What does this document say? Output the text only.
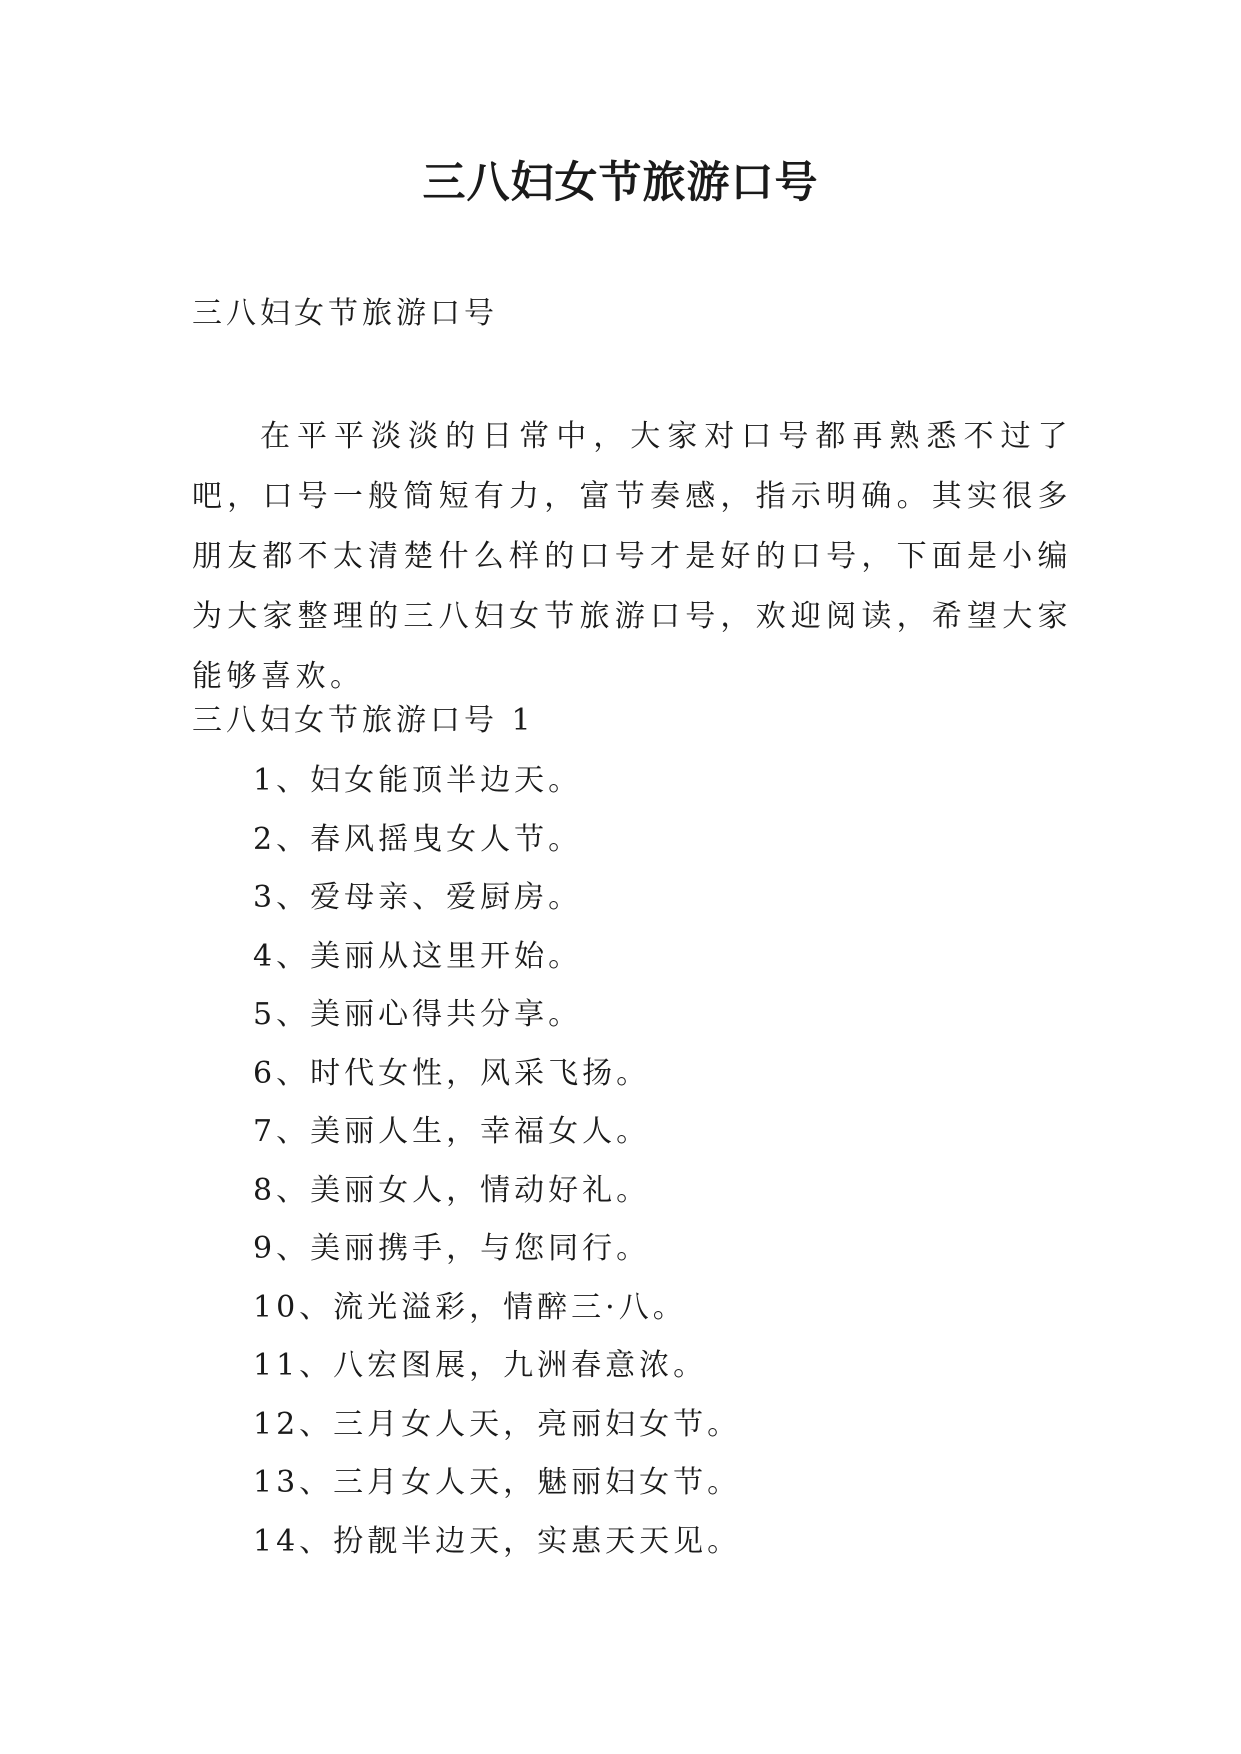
三八妇女节旅游口号

三八妇女节旅游口号

在平平淡淡的日常中，大家对口号都再熟悉不过了吧，口号一般简短有力，富节奏感，指示明确。其实很多朋友都不太清楚什么样的口号才是好的口号，下面是小编为大家整理的三八妇女节旅游口号，欢迎阅读，希望大家能够喜欢。

三八妇女节旅游口号 1

1、妇女能顶半边天。
2、春风摇曳女人节。
3、爱母亲、爱厨房。
4、美丽从这里开始。
5、美丽心得共分享。
6、时代女性，风采飞扬。
7、美丽人生，幸福女人。
8、美丽女人，情动好礼。
9、美丽携手，与您同行。
10、流光溢彩，情醉三·八。
11、八宏图展，九洲春意浓。
12、三月女人天，亮丽妇女节。
13、三月女人天，魅丽妇女节。
14、扮靓半边天，实惠天天见。
